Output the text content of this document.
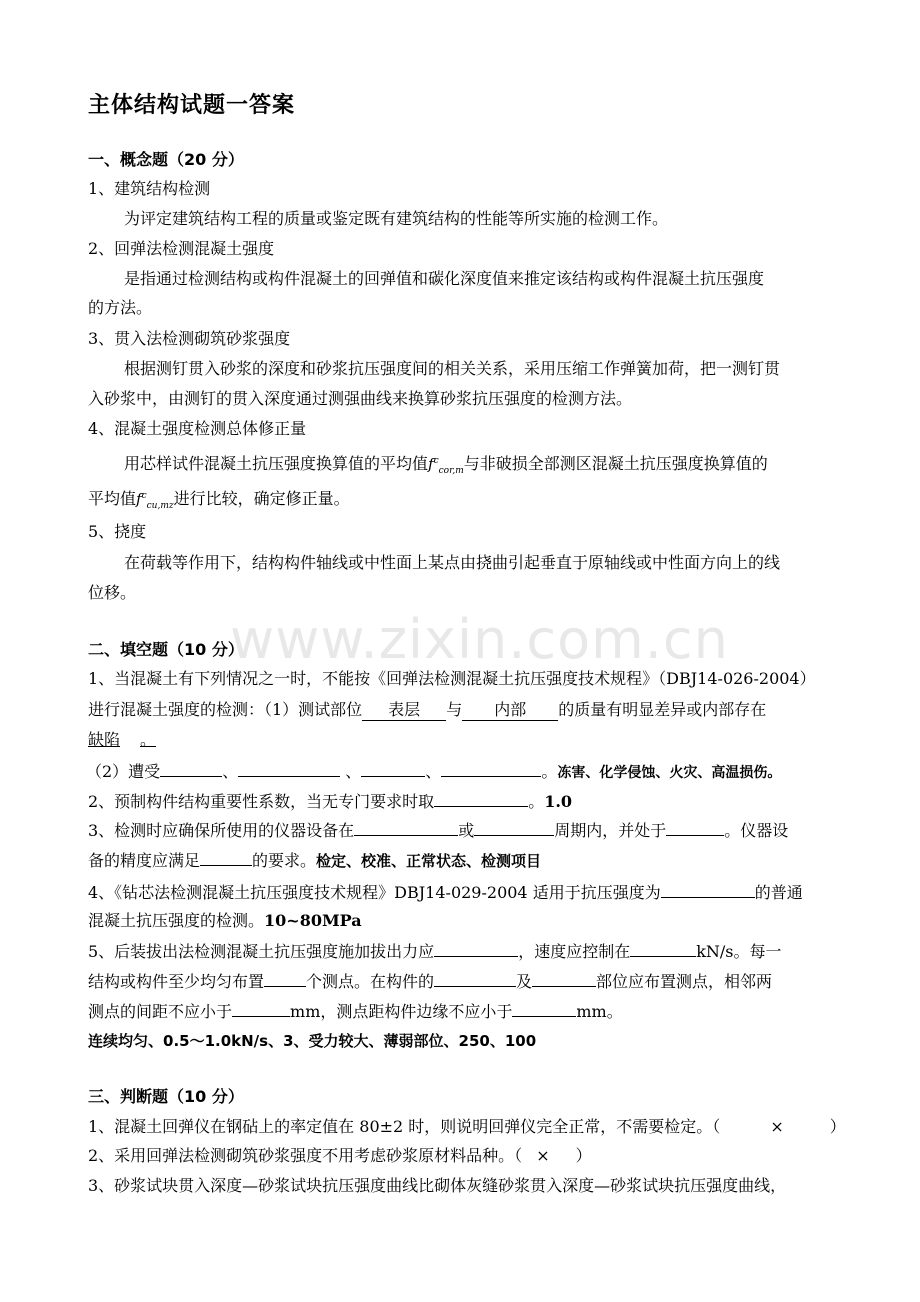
www.zixin.com.cn
主体结构试题一答案
一、概念题（20 分）
1、建筑结构检测
为评定建筑结构工程的质量或鉴定既有建筑结构的性能等所实施的检测工作。
2、回弹法检测混凝土强度
是指通过检测结构或构件混凝土的回弹值和碳化深度值来推定该结构或构件混凝土抗压强度
的方法。
3、贯入法检测砌筑砂浆强度
根据测钉贯入砂浆的深度和砂浆抗压强度间的相关关系，采用压缩工作弹簧加荷，把一测钉贯
入砂浆中，由测钉的贯入深度通过测强曲线来换算砂浆抗压强度的检测方法。
4、混凝土强度检测总体修正量
用芯样试件混凝土抗压强度换算值的平均值$f^c_{cor,m}$与非破损全部测区混凝土抗压强度换算值的
平均值$f^c_{cu,mz}$进行比较，确定修正量。
5、挠度
在荷载等作用下，结构构件轴线或中性面上某点由挠曲引起垂直于原轴线或中性面方向上的线
位移。
二、填空题（10 分）
1、当混凝土有下列情况之一时，不能按《回弹法检测混凝土抗压强度技术规程》（DBJ14-026-2004）
进行混凝土强度的检测：（1）测试部位 表层 与 内部 的质量有明显差异或内部存在
缺陷 。
（2）遭受	、	、	、	。冻害、化学侵蚀、火灾、高温损伤。
2、预制构件结构重要性系数，当无专门要求时取	。1.0
3、检测时应确保所使用的仪器设备在	或	周期内，并处于	。仪器设
备的精度应满足	的要求。检定、校准、正常状态、检测项目
4、《钻芯法检测混凝土抗压强度技术规程》DBJ14-029-2004 适用于抗压强度为	的普通
混凝土抗压强度的检测。10~80MPa
5、后装拔出法检测混凝土抗压强度施加拔出力应	，速度应控制在	kN/s。每一
结构或构件至少均匀布置	个测点。在构件的	及	部位应布置测点，相邻两
测点的间距不应小于	mm，测点距构件边缘不应小于	mm。
连续均匀、0.5～1.0kN/s、3、受力较大、薄弱部位、250、100
三、判断题（10 分）
1、混凝土回弹仪在钢砧上的率定值在 80±2 时，则说明回弹仪完全正常，不需要检定。（	×	）
2、采用回弹法检测砌筑砂浆强度不用考虑砂浆原材料品种。（ × ）
3、砂浆试块贯入深度—砂浆试块抗压强度曲线比砌体灰缝砂浆贯入深度—砂浆试块抗压强度曲线，
